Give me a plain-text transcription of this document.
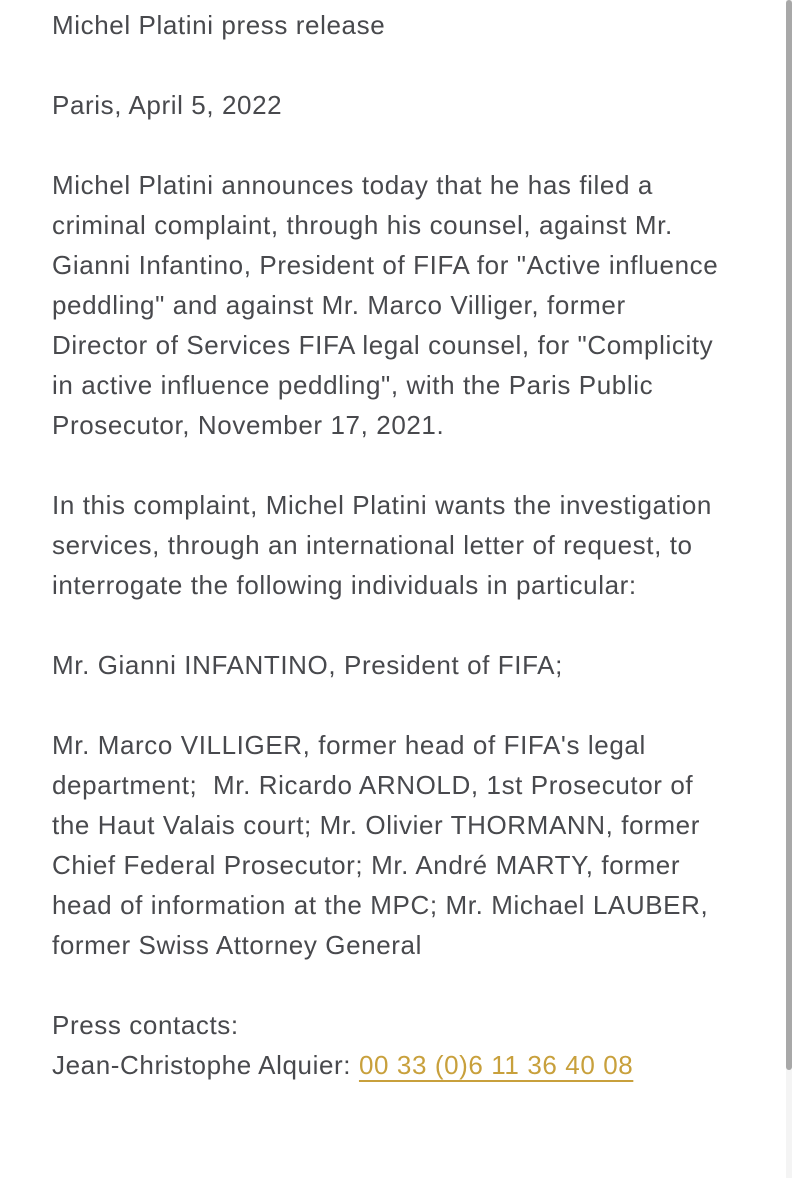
Michel Platini press release
Paris, April 5, 2022
Michel Platini announces today that he has filed a
criminal complaint, through his counsel, against Mr.
Gianni Infantino, President of FIFA for "Active influence
peddling" and against Mr. Marco Villiger, former
Director of Services FIFA legal counsel, for "Complicity
in active influence peddling", with the Paris Public
Prosecutor, November 17, 2021.
In this complaint, Michel Platini wants the investigation
services, through an international letter of request, to
interrogate the following individuals in particular:
Mr. Gianni INFANTINO, President of FIFA;
Mr. Marco VILLIGER, former head of FIFA's legal
department;  Mr. Ricardo ARNOLD, 1st Prosecutor of
the Haut Valais court; Mr. Olivier THORMANN, former
Chief Federal Prosecutor; Mr. André MARTY, former
head of information at the MPC; Mr. Michael LAUBER,
former Swiss Attorney General
Press contacts:
Jean-Christophe Alquier: 00 33 (0)6 11 36 40 08
